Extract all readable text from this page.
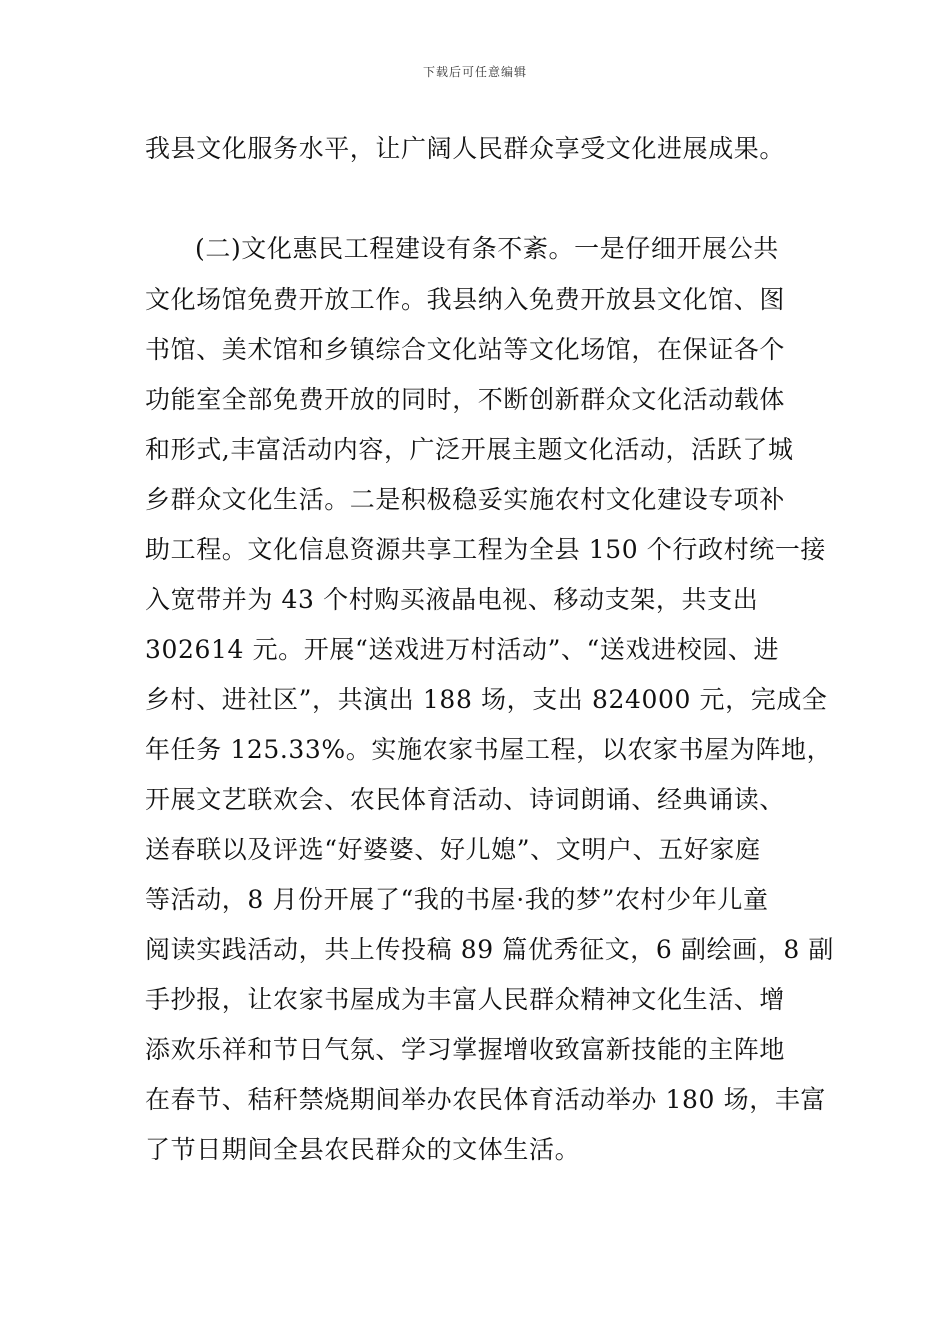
下载后可任意编辑
我县文化服务水平，让广阔人民群众享受文化进展成果。
(二)文化惠民工程建设有条不紊。一是仔细开展公共
文化场馆免费开放工作。我县纳入免费开放县文化馆、图
书馆、美术馆和乡镇综合文化站等文化场馆，在保证各个
功能室全部免费开放的同时，不断创新群众文化活动载体
和形式,丰富活动内容，广泛开展主题文化活动，活跃了城
乡群众文化生活。二是积极稳妥实施农村文化建设专项补
助工程。文化信息资源共享工程为全县 150 个行政村统一接
入宽带并为 43 个村购买液晶电视、移动支架，共支出
302614 元。开展“送戏进万村活动”、“送戏进校园、进
乡村、进社区”，共演出 188 场，支出 824000 元，完成全
年任务 125.33%。实施农家书屋工程，以农家书屋为阵地，
开展文艺联欢会、农民体育活动、诗词朗诵、经典诵读、
送春联以及评选“好婆婆、好儿媳”、文明户、五好家庭
等活动，8 月份开展了“我的书屋·我的梦”农村少年儿童
阅读实践活动，共上传投稿 89 篇优秀征文，6 副绘画，8 副
手抄报，让农家书屋成为丰富人民群众精神文化生活、增
添欢乐祥和节日气氛、学习掌握增收致富新技能的主阵地
在春节、秸秆禁烧期间举办农民体育活动举办 180 场，丰富
了节日期间全县农民群众的文体生活。
